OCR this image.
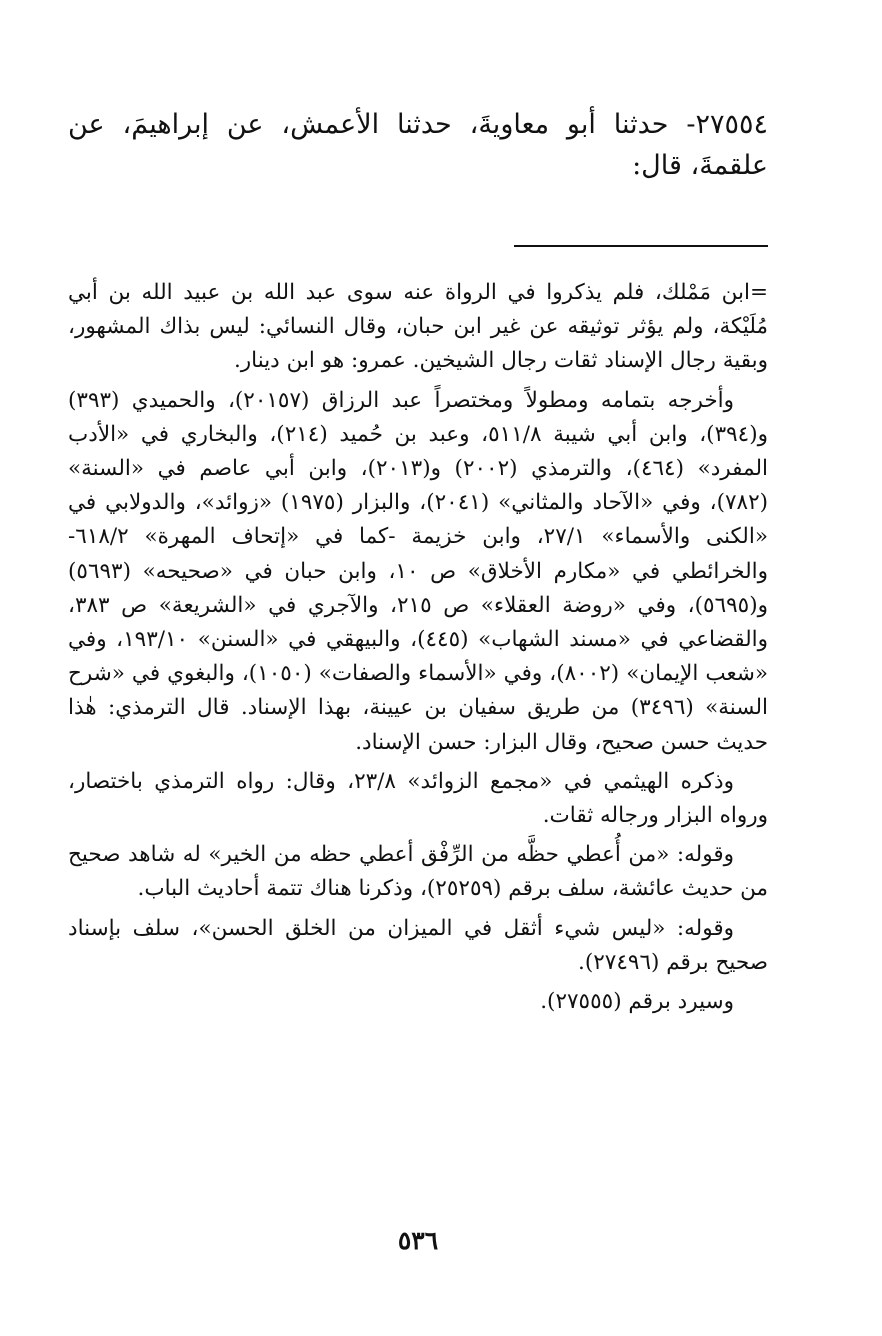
٢٧٥٥٤- حدثنا أبو معاويةَ، حدثنا الأعمش، عن إبراهيمَ، عن علقمةَ، قال:

=ابن مَمْلك، فلم يذكروا في الرواة عنه سوى عبد الله بن عبيد الله بن أبي مُلَيْكة، ولم يؤثر توثيقه عن غير ابن حبان، وقال النسائي: ليس بذاك المشهور، وبقية رجال الإسناد ثقات رجال الشيخين. عمرو: هو ابن دينار.

وأخرجه بتمامه ومطولاً ومختصراً عبد الرزاق (٢٠١٥٧)، والحميدي (٣٩٣) و(٣٩٤)، وابن أبي شيبة ٥١١/٨، وعبد بن حُميد (٢١٤)، والبخاري في «الأدب المفرد» (٤٦٤)، والترمذي (٢٠٠٢) و(٢٠١٣)، وابن أبي عاصم في «السنة» (٧٨٢)، وفي «الآحاد والمثاني» (٢٠٤١)، والبزار (١٩٧٥) «زوائد»، والدولابي في «الكنى والأسماء» ٢٧/١، وابن خزيمة -كما في «إتحاف المهرة» ٦١٨/٢- والخرائطي في «مكارم الأخلاق» ص ١٠، وابن حبان في «صحيحه» (٥٦٩٣) و(٥٦٩٥)، وفي «روضة العقلاء» ص ٢١٥، والآجري في «الشريعة» ص ٣٨٣، والقضاعي في «مسند الشهاب» (٤٤٥)، والبيهقي في «السنن» ١٩٣/١٠، وفي «شعب الإيمان» (٨٠٠٢)، وفي «الأسماء والصفات» (١٠٥٠)، والبغوي في «شرح السنة» (٣٤٩٦) من طريق سفيان بن عيينة، بهذا الإسناد. قال الترمذي: هٰذا حديث حسن صحيح، وقال البزار: حسن الإسناد.

وذكره الهيثمي في «مجمع الزوائد» ٢٣/٨، وقال: رواه الترمذي باختصار، ورواه البزار ورجاله ثقات.

وقوله: «من أُعطي حظَّه من الرِّفْق أعطي حظه من الخير» له شاهد صحيح من حديث عائشة، سلف برقم (٢٥٢٥٩)، وذكرنا هناك تتمة أحاديث الباب.

وقوله: «ليس شيء أثقل في الميزان من الخلق الحسن»، سلف بإسناد صحيح برقم (٢٧٤٩٦).

وسيرد برقم (٢٧٥٥٥).

٥٣٦
